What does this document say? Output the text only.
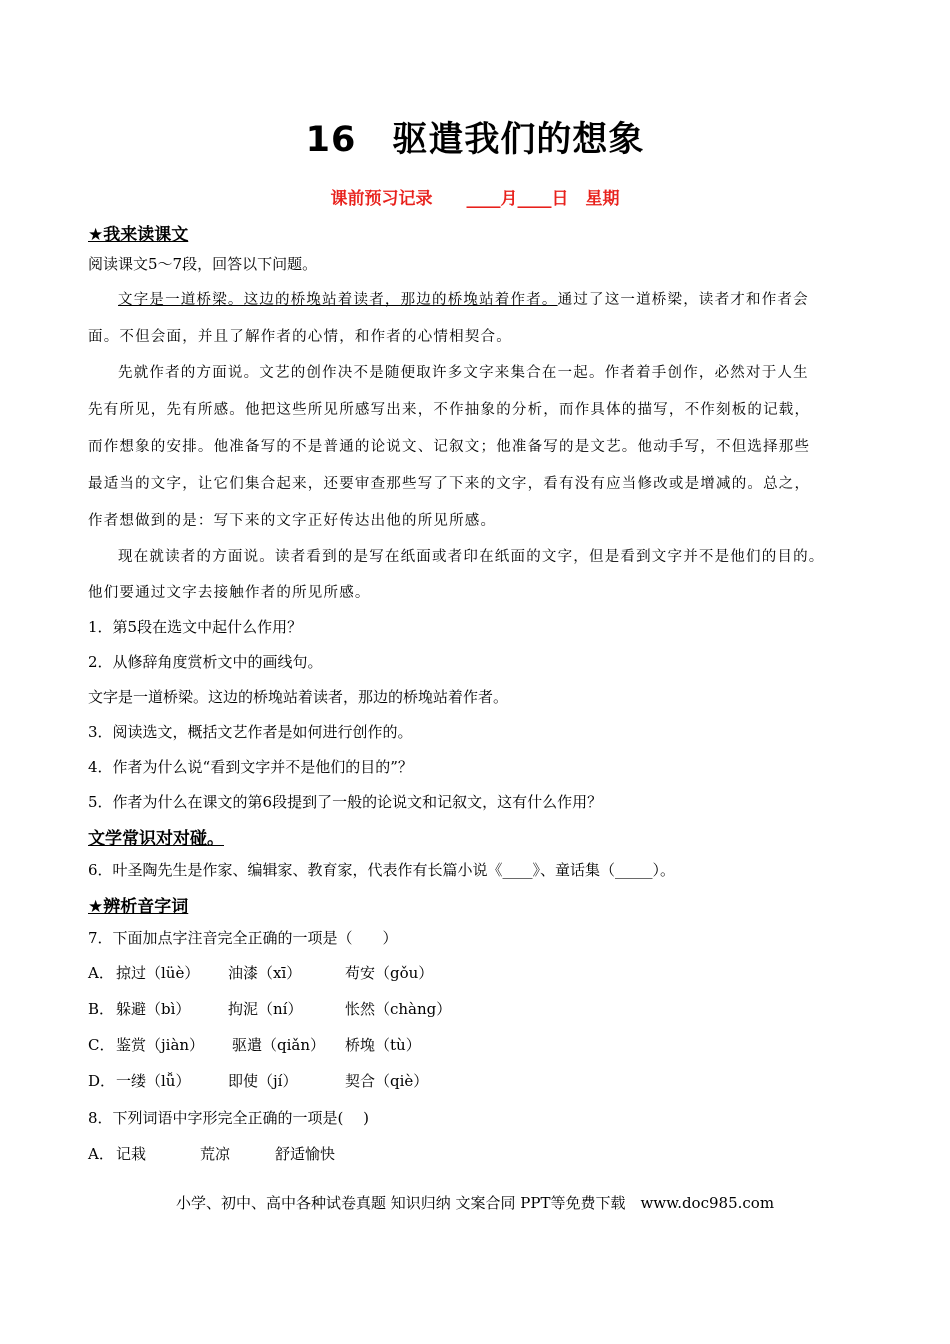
16　驱遣我们的想象
课前预习记录　　____月____日　星期
★我来读课文
阅读课文5～7段，回答以下问题。
文字是一道桥梁。这边的桥堍站着读者，那边的桥堍站着作者。通过了这一道桥梁，读者才和作者会
面。不但会面，并且了解作者的心情，和作者的心情相契合。
先就作者的方面说。文艺的创作决不是随便取许多文字来集合在一起。作者着手创作，必然对于人生
先有所见，先有所感。他把这些所见所感写出来，不作抽象的分析，而作具体的描写，不作刻板的记载，
而作想象的安排。他准备写的不是普通的论说文、记叙文；他准备写的是文艺。他动手写，不但选择那些
最适当的文字，让它们集合起来，还要审查那些写了下来的文字，看有没有应当修改或是增减的。总之，
作者想做到的是：写下来的文字正好传达出他的所见所感。
现在就读者的方面说。读者看到的是写在纸面或者印在纸面的文字，但是看到文字并不是他们的目的。
他们要通过文字去接触作者的所见所感。
1．第5段在选文中起什么作用？
2．从修辞角度赏析文中的画线句。
文字是一道桥梁。这边的桥堍站着读者，那边的桥堍站着作者。
3．阅读选文，概括文艺作者是如何进行创作的。
4．作者为什么说“看到文字并不是他们的目的”？
5．作者为什么在课文的第6段提到了一般的论说文和记叙文，这有什么作用？
文学常识对对碰。
6．叶圣陶先生是作家、编辑家、教育家，代表作有长篇小说《____》、童话集（_____）。
★辨析音字词
7．下面加点字注音完全正确的一项是（　　）
A． 掠过（lüè） 油漆（xī）	苟安（gǒu）
B． 躲避（bì）	拘泥（ní）	怅然（chàng）
C． 鉴赏（jiàn） 驱遣（qiǎn） 桥堍（tù）
D．一缕（lǚ）	即使（jí）	契合（qiè）
8．下列词语中字形完全正确的一项是(　 )
A． 记栽	荒凉	舒适愉快
小学、初中、高中各种试卷真题 知识归纳 文案合同 PPT等免费下载　www.doc985.com
